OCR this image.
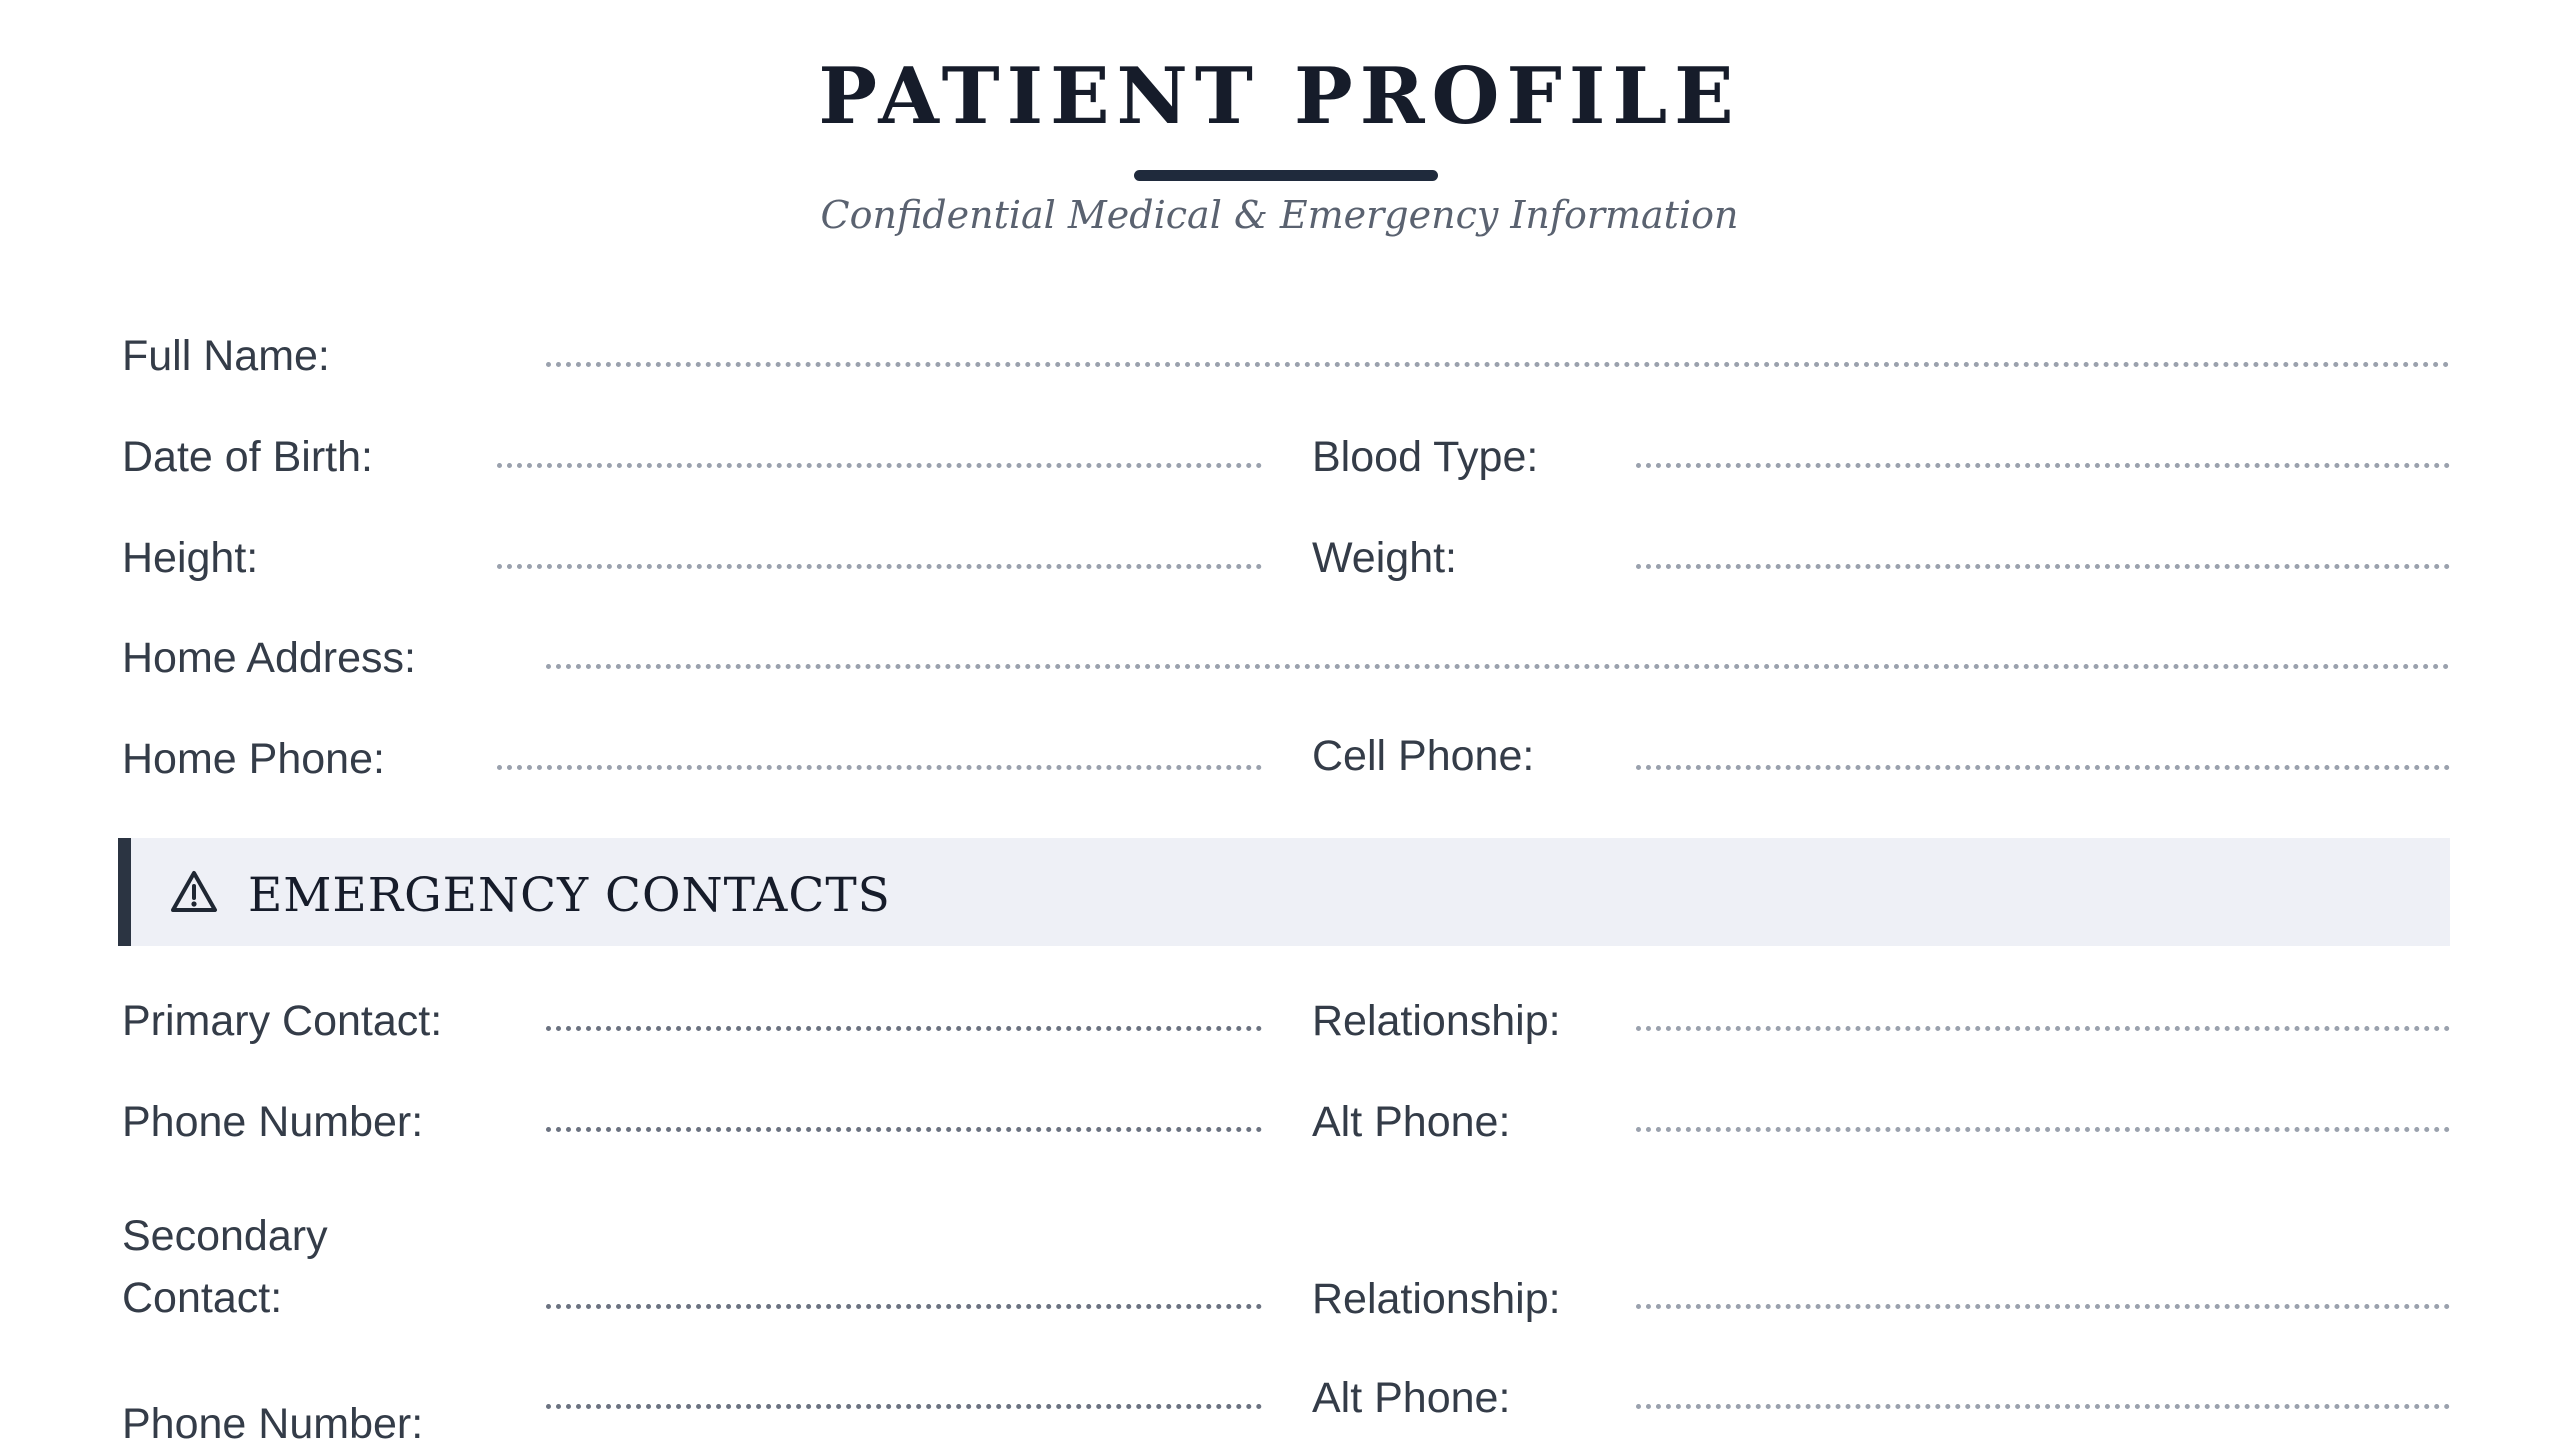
PATIENT PROFILE
Confidential Medical & Emergency Information
Full Name:
Date of Birth:	Blood Type:
Height:	Weight:
Home Address:
Home Phone:	Cell Phone:
EMERGENCY CONTACTS
Primary Contact:	Relationship:
Phone Number:	Alt Phone:
Secondary Contact:	Relationship:
Phone Number:
Alt Phone:
